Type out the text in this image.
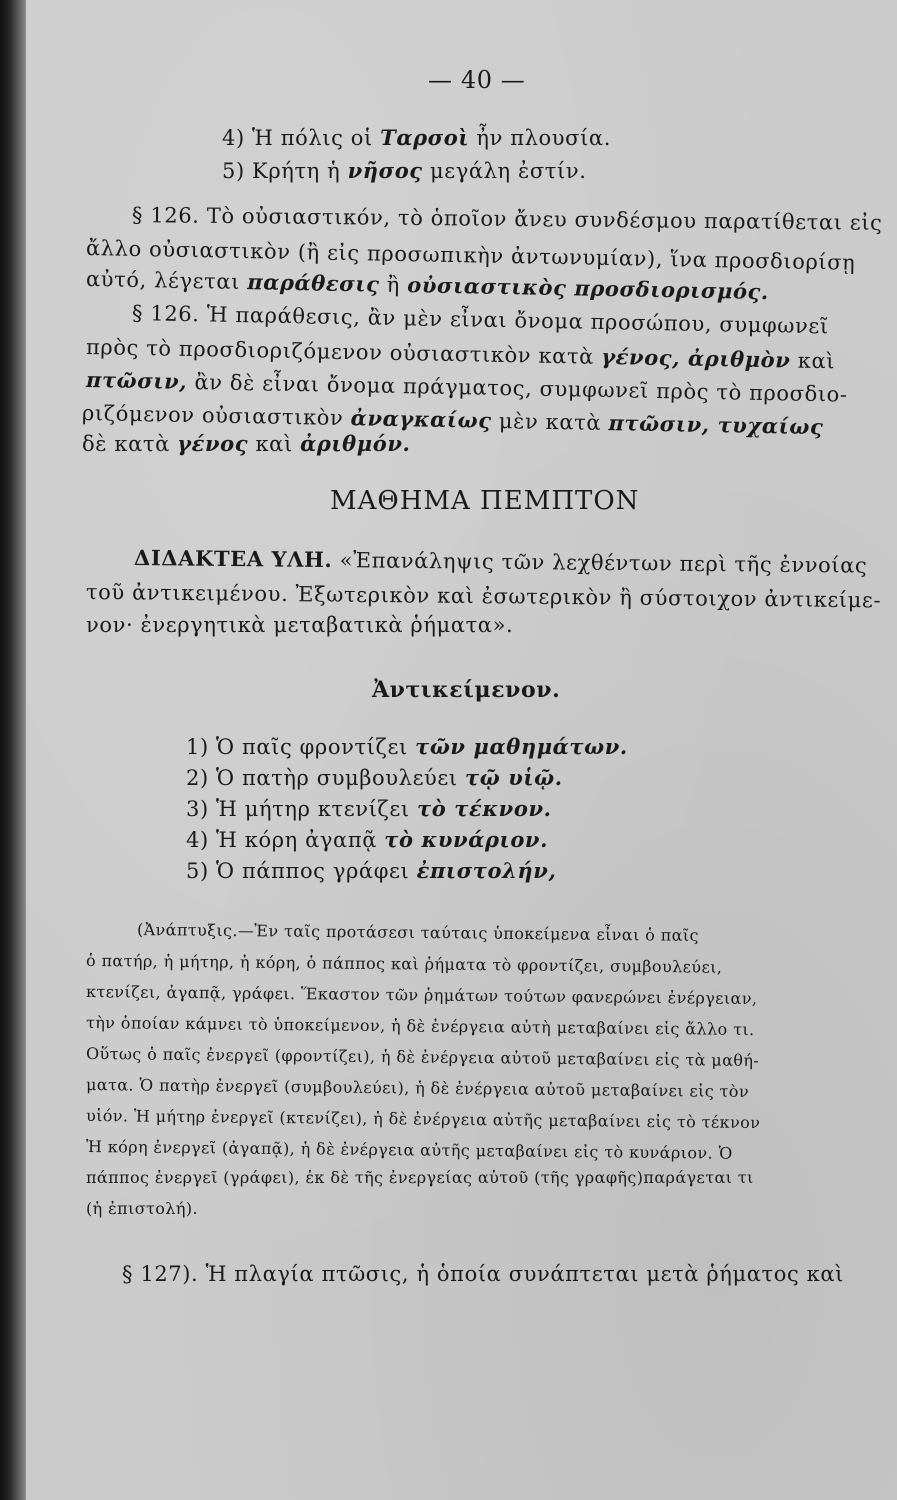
— 40 —
4) Ἡ πόλις οἱ Ταρσοὶ ἦν πλουσία.
5) Κρήτη ἡ νῆσος μεγάλη ἐστίν.
§ 126. Τὸ οὐσιαστικόν, τὸ ὁποῖον ἄνευ συνδέσμου παρατίθεται εἰς
ἄλλο οὐσιαστικὸν (ἢ εἰς προσωπικὴν ἀντωνυμίαν), ἵνα προσδιορίσῃ
αὐτό, λέγεται παράθεσις ἢ οὐσιαστικὸς προσδιορισμός.
§ 126. Ἡ παράθεσις, ἂν μὲν εἶναι ὄνομα προσώπου, συμφωνεῖ
πρὸς τὸ προσδιοριζόμενον οὐσιαστικὸν κατὰ γένος, ἀριθμὸν καὶ
πτῶσιν, ἂν δὲ εἶναι ὄνομα πράγματος, συμφωνεῖ πρὸς τὸ προσδιο-
ριζόμενον οὐσιαστικὸν ἀναγκαίως μὲν κατὰ πτῶσιν, τυχαίως
δὲ κατὰ γένος καὶ ἀριθμόν.
ΜΑΘΗΜΑ ΠΕΜΠΤΟΝ
ΔΙΔΑΚΤΕΑ ΥΛΗ. «Ἐπανάληψις τῶν λεχθέντων περὶ τῆς ἐννοίας
τοῦ ἀντικειμένου. Ἐξωτερικὸν καὶ ἐσωτερικὸν ἢ σύστοιχον ἀντικείμε-
νον· ἐνεργητικὰ μεταβατικὰ ῥήματα».
Ἀντικείμενον.
1) Ὁ παῖς φροντίζει τῶν μαθημάτων.
2) Ὁ πατὴρ συμβουλεύει τῷ υἱῷ.
3) Ἡ μήτηρ κτενίζει τὸ τέκνον.
4) Ἡ κόρη ἀγαπᾷ τὸ κυνάριον.
5) Ὁ πάππος γράφει ἐπιστολήν,
(Ἀνάπτυξις.—Ἐν ταῖς προτάσεσι ταύταις ὑποκείμενα εἶναι ὁ παῖς
ὁ πατήρ, ἡ μήτηρ, ἡ κόρη, ὁ πάππος καὶ ῥήματα τὸ φροντίζει, συμβουλεύει,
κτενίζει, ἀγαπᾷ, γράφει. Ἕκαστον τῶν ῥημάτων τούτων φανερώνει ἐνέργειαν,
τὴν ὁποίαν κάμνει τὸ ὑποκείμενον, ἡ δὲ ἐνέργεια αὐτὴ μεταβαίνει εἰς ἄλλο τι.
Οὕτως ὁ παῖς ἐνεργεῖ (φροντίζει), ἡ δὲ ἐνέργεια αὐτοῦ μεταβαίνει εἰς τὰ μαθή-
ματα. Ὁ πατὴρ ἐνεργεῖ (συμβουλεύει), ἡ δὲ ἐνέργεια αὐτοῦ μεταβαίνει εἰς τὸν
υἱόν. Ἡ μήτηρ ἐνεργεῖ (κτενίζει), ἡ δὲ ἐνέργεια αὐτῆς μεταβαίνει εἰς τὸ τέκνον
Ἡ κόρη ἐνεργεῖ (ἀγαπᾷ), ἡ δὲ ἐνέργεια αὐτῆς μεταβαίνει εἰς τὸ κυνάριον. Ὁ
πάππος ἐνεργεῖ (γράφει), ἐκ δὲ τῆς ἐνεργείας αὐτοῦ (τῆς γραφῆς)παράγεται τι
(ἡ ἐπιστολή).
§ 127). Ἡ πλαγία πτῶσις, ἡ ὁποία συνάπτεται μετὰ ῥήματος καὶ
